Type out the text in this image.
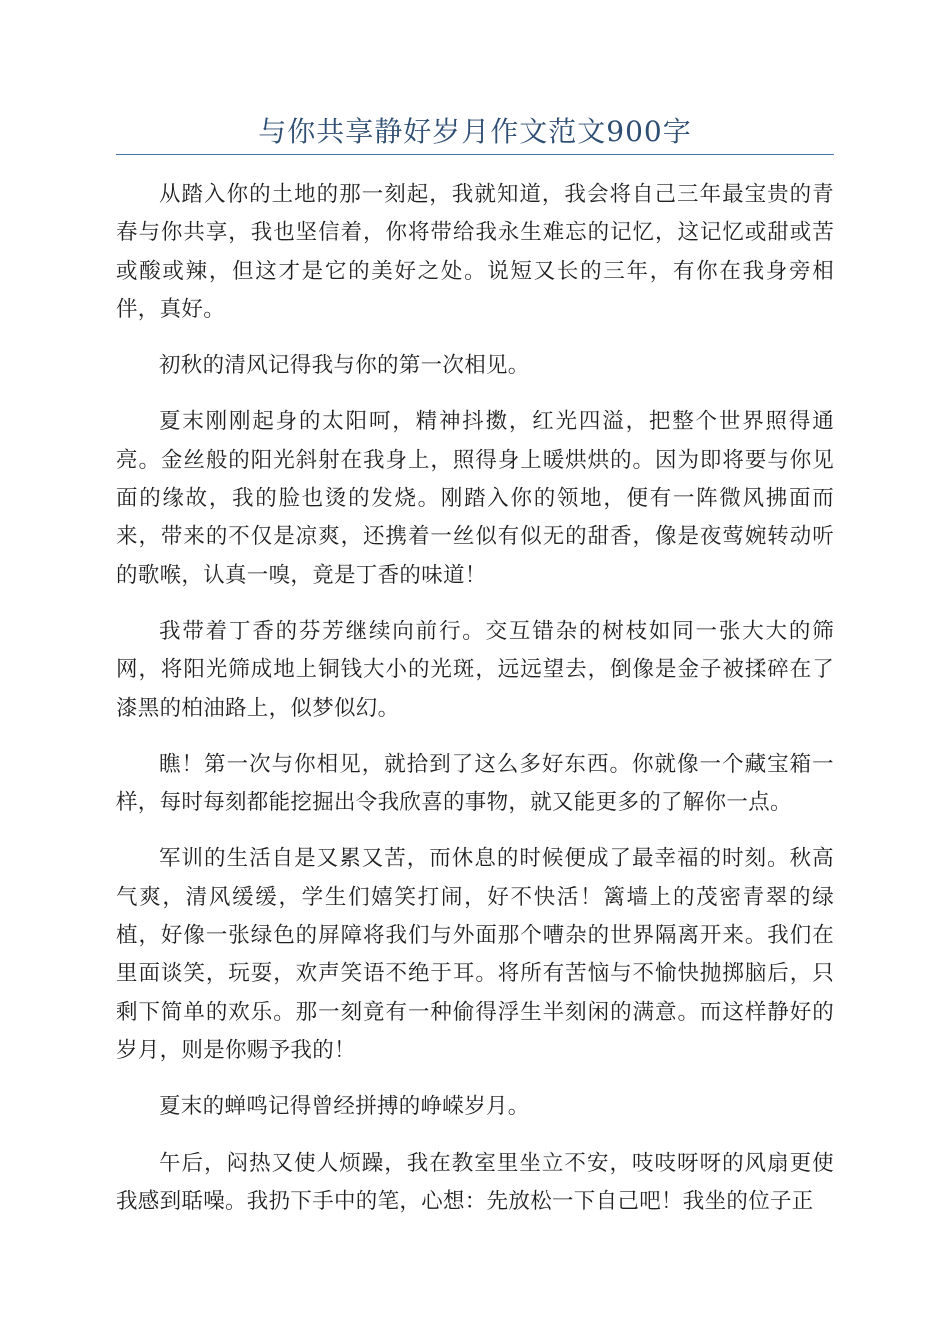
与你共享静好岁月作文范文900字

从踏入你的土地的那一刻起，我就知道，我会将自己三年最宝贵的青春与你共享，我也坚信着，你将带给我永生难忘的记忆，这记忆或甜或苦或酸或辣，但这才是它的美好之处。说短又长的三年，有你在我身旁相伴，真好。

初秋的清风记得我与你的第一次相见。

夏末刚刚起身的太阳呵，精神抖擞，红光四溢，把整个世界照得通亮。金丝般的阳光斜射在我身上，照得身上暖烘烘的。因为即将要与你见面的缘故，我的脸也烫的发烧。刚踏入你的领地，便有一阵微风拂面而来，带来的不仅是凉爽，还携着一丝似有似无的甜香，像是夜莺婉转动听的歌喉，认真一嗅，竟是丁香的味道！

我带着丁香的芬芳继续向前行。交互错杂的树枝如同一张大大的筛网，将阳光筛成地上铜钱大小的光斑，远远望去，倒像是金子被揉碎在了漆黑的柏油路上，似梦似幻。

瞧！第一次与你相见，就拾到了这么多好东西。你就像一个藏宝箱一样，每时每刻都能挖掘出令我欣喜的事物，就又能更多的了解你一点。

军训的生活自是又累又苦，而休息的时候便成了最幸福的时刻。秋高气爽，清风缓缓，学生们嬉笑打闹，好不快活！篱墙上的茂密青翠的绿植，好像一张绿色的屏障将我们与外面那个嘈杂的世界隔离开来。我们在里面谈笑，玩耍，欢声笑语不绝于耳。将所有苦恼与不愉快抛掷脑后，只剩下简单的欢乐。那一刻竟有一种偷得浮生半刻闲的满意。而这样静好的岁月，则是你赐予我的！

夏末的蝉鸣记得曾经拼搏的峥嵘岁月。

午后，闷热又使人烦躁，我在教室里坐立不安，吱吱呀呀的风扇更使我感到聒噪。我扔下手中的笔，心想：先放松一下自己吧！我坐的位子正
